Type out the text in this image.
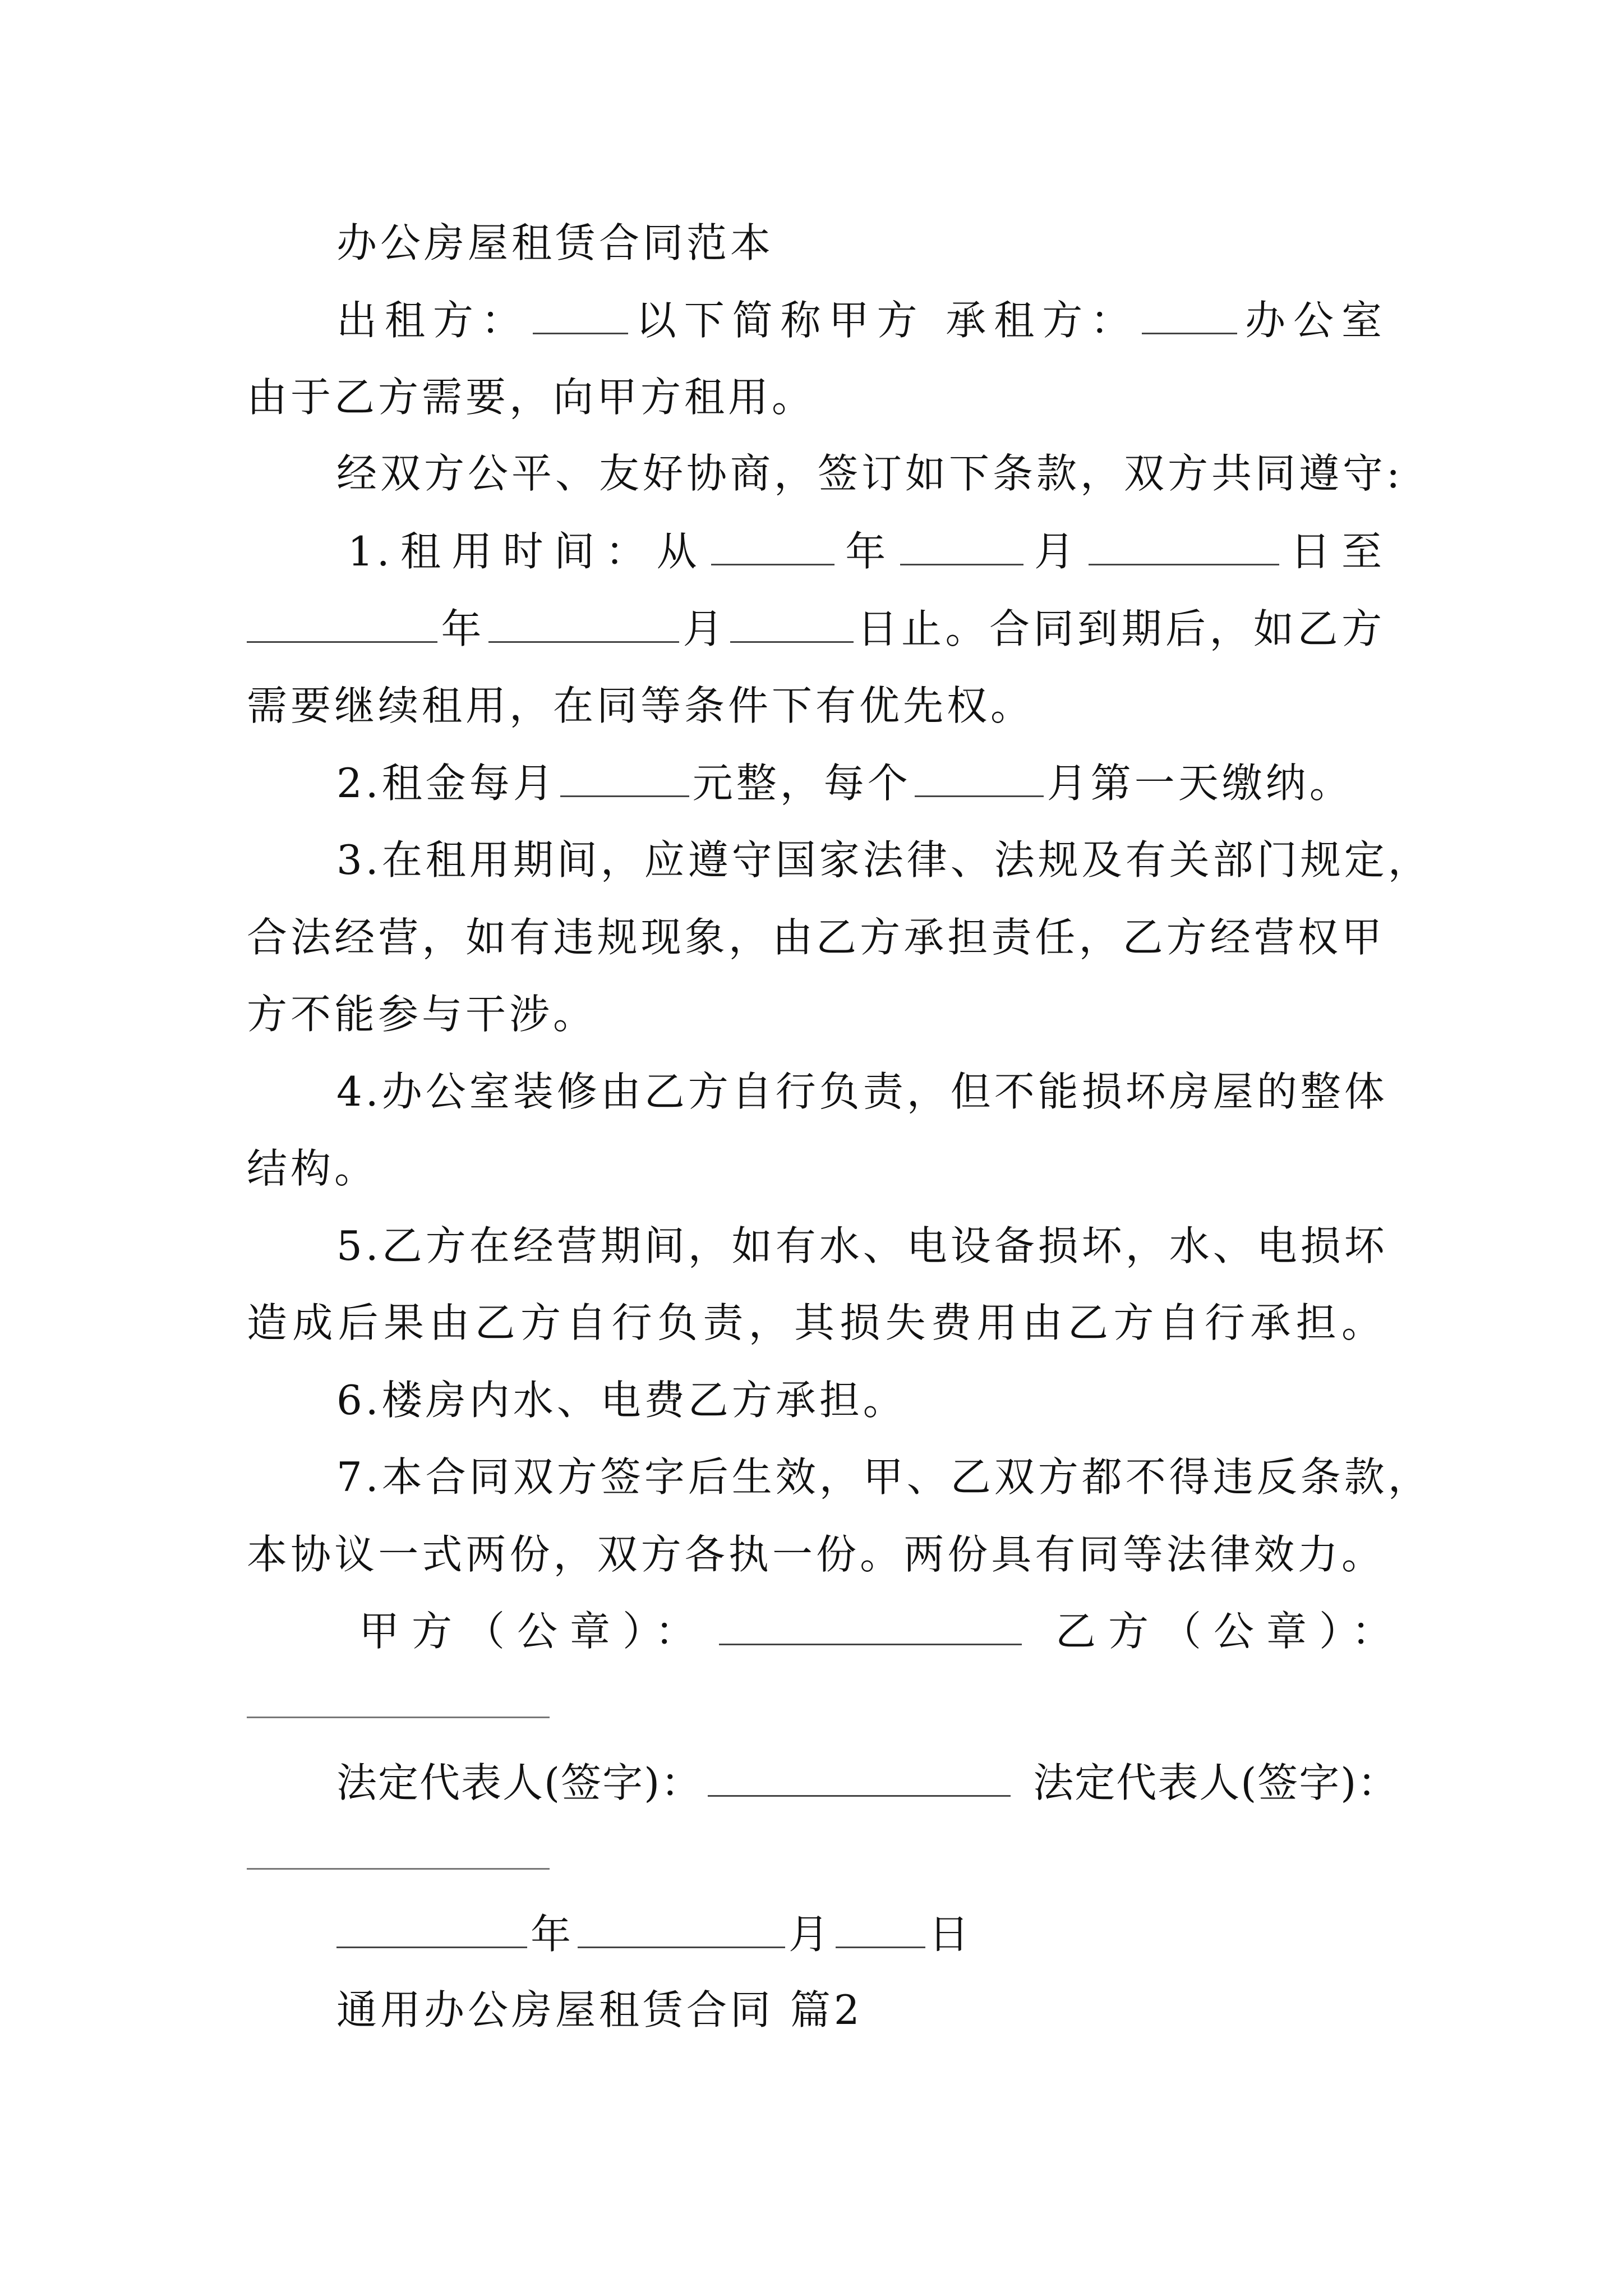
办公房屋租赁合同范本
出租方：	以下简称甲方 承租方：	办公室
由于乙方需要，向甲方租用。
经双方公平、友好协商，签订如下条款，双方共同遵守:
1.租用时间：从	年	月	日至
年	月	日止。合同到期后，如乙方
需要继续租用，在同等条件下有优先权。
2.租金每月	元整，每个	月第一天缴纳。
3.在租用期间，应遵守国家法律、法规及有关部门规定，
合法经营，如有违规现象，由乙方承担责任，乙方经营权甲
方不能参与干涉。
4.办公室装修由乙方自行负责，但不能损坏房屋的整体
结构。
5.乙方在经营期间，如有水、电设备损坏，水、电损坏
造成后果由乙方自行负责，其损失费用由乙方自行承担。
6.楼房内水、电费乙方承担。
7.本合同双方签字后生效，甲、乙双方都不得违反条款，
本协议一式两份，双方各执一份。两份具有同等法律效力。
甲方（公章）：	乙方（公章）：
法定代表人(签字)：	法定代表人(签字)：
年	月 日
通用办公房屋租赁合同 篇2
